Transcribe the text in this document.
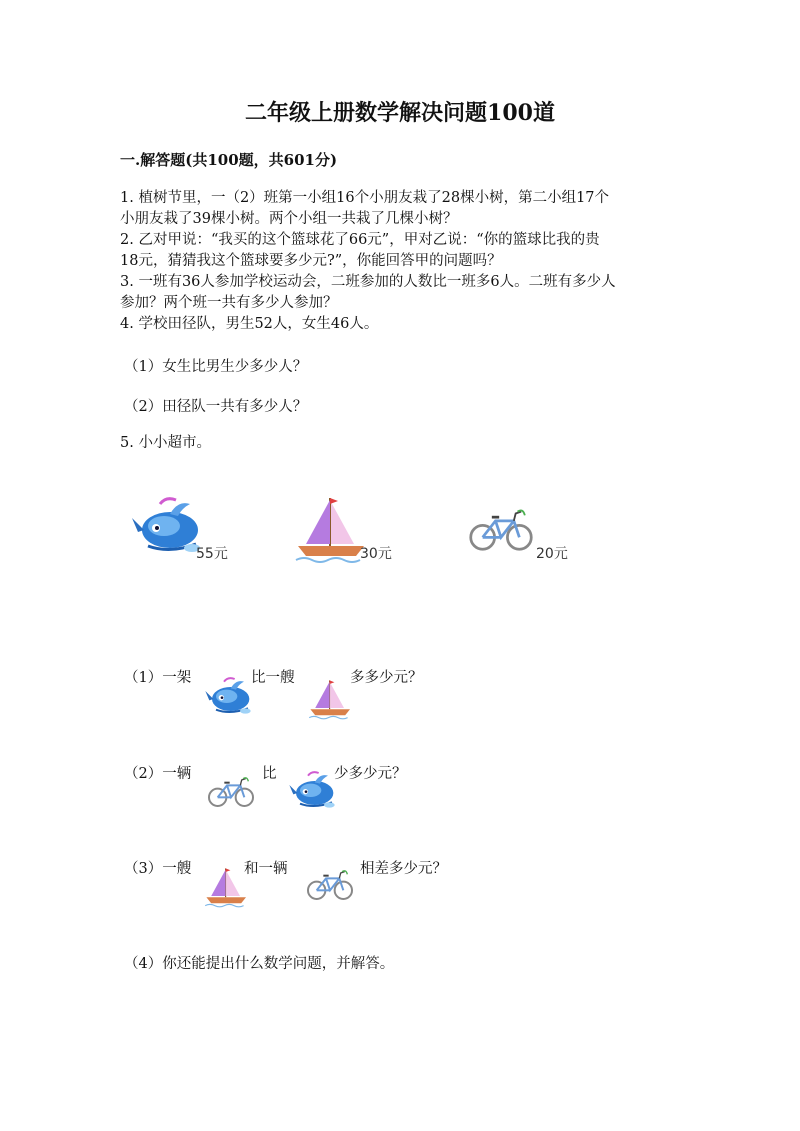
二年级上册数学解决问题100道
一.解答题(共100题，共601分)
1. 植树节里，一（2）班第一小组16个小朋友栽了28棵小树，第二小组17个
小朋友栽了39棵小树。两个小组一共栽了几棵小树？
2. 乙对甲说：“我买的这个篮球花了66元”，甲对乙说：“你的篮球比我的贵
18元，猜猜我这个篮球要多少元?”，你能回答甲的问题吗？
3. 一班有36人参加学校运动会，二班参加的人数比一班多6人。二班有多少人
参加？两个班一共有多少人参加？
4. 学校田径队，男生52人，女生46人。
（1）女生比男生少多少人？
（2）田径队一共有多少人？
5. 小小超市。
55元	30元	20元
（1）一架	比一艘	多多少元？
（2）一辆	比	少多少元？
（3）一艘	和一辆	相差多少元？
（4）你还能提出什么数学问题，并解答。
